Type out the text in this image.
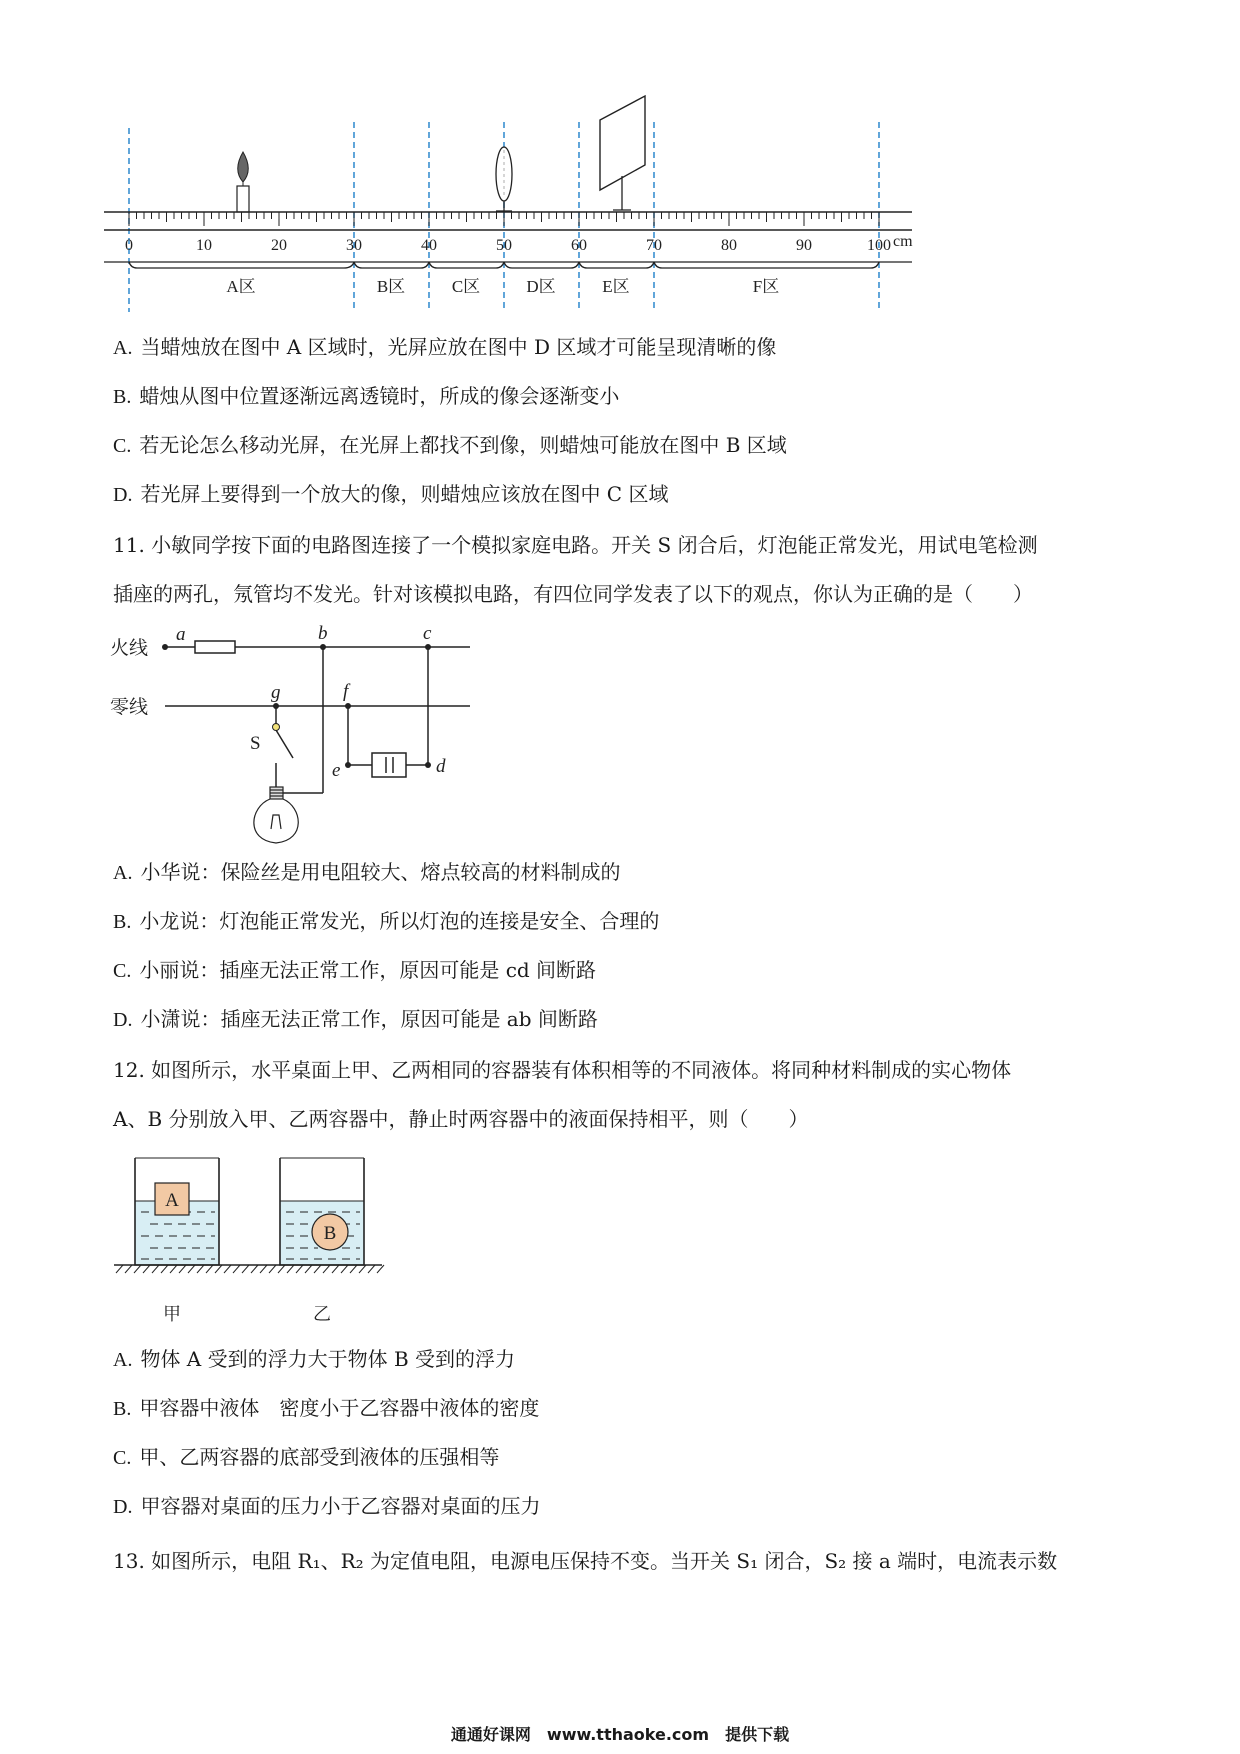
0	10	20	30	40	50	60	70	80	90	100 cm
A区	B区	C区	D区	E区	F区
A. 当蜡烛放在图中 A 区域时，光屏应放在图中 D 区域才可能呈现清晰的像
B. 蜡烛从图中位置逐渐远离透镜时，所成的像会逐渐变小
C. 若无论怎么移动光屏，在光屏上都找不到像，则蜡烛可能放在图中 B 区域
D. 若光屏上要得到一个放大的像，则蜡烛应该放在图中 C 区域
11. 小敏同学按下面的电路图连接了一个模拟家庭电路。开关 S 闭合后，灯泡能正常发光，用试电笔检测
插座的两孔，氖管均不发光。针对该模拟电路，有四位同学发表了以下的观点，你认为正确的是（　　）
火线
零线
S
a	b	c
g	f
e	d
A. 小华说：保险丝是用电阻较大、熔点较高的材料制成的
B. 小龙说：灯泡能正常发光，所以灯泡的连接是安全、合理的
C. 小丽说：插座无法正常工作，原因可能是 cd 间断路
D. 小潇说：插座无法正常工作，原因可能是 ab 间断路
12. 如图所示，水平桌面上甲、乙两相同的容器装有体积相等的不同液体。将同种材料制成的实心物体
A、B 分别放入甲、乙两容器中，静止时两容器中的液面保持相平，则（　　）
A
B
甲	乙
A. 物体 A 受到的浮力大于物体 B 受到的浮力
B. 甲容器中液体　密度小于乙容器中液体的密度
C. 甲、乙两容器的底部受到液体的压强相等
D. 甲容器对桌面的压力小于乙容器对桌面的压力
13. 如图所示，电阻 R₁、R₂ 为定值电阻，电源电压保持不变。当开关 S₁ 闭合，S₂ 接 a 端时，电流表示数
通通好课网　www.tthaoke.com　提供下载
